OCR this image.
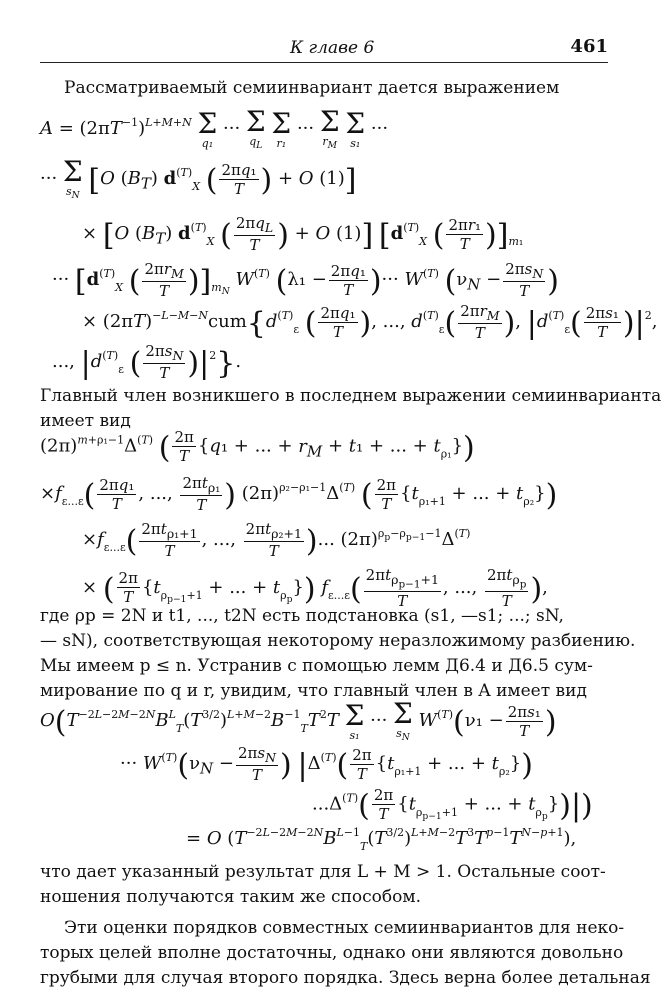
К главе 6	461
Рассматриваемый семиинвариант дается выражением
$A = (2\pi T^{-1})^{L+M+N}$ Σ
q₁
··· Σ
$q_L$

Σ
r₁
··· Σ
$r_M$

Σ
s₁
···
··· Σ
$s_N$ [O $(B_T)$ $d^{(T)}_X$ ( $\frac{\text{2πq₁}}{T}$ ) + O (1)]
× [O $(B_T)$ $d^{(T)}_X$ ( $\frac{2\pi q_L}{T}$ ) + O (1)] [$d^{(T)}_X$ ( $\frac{\text{2πr₁}}{T} )]_{m_1}$
··· [$d^{(T)}_X$ ( $\frac{2\pi r_M}{T} )]_{m_N}$ $W^{(T)}$ ($\lambda_1 - \frac{\text{2πq₁}}{T}$ )··· $W^{(T)}$ ($\nu_N - \frac{2\pi s_N}{T}$ )
× $(2\pi T)^{-L-M-N}cum\{d^{(T)}_\varepsilon$ ( $\frac{\text{2πq₁}}{T}$ ), ..., $d^{(T)}_\varepsilon( \frac{2\pi r_M}{T}$ ), $|d^{(T)}_\varepsilon( \frac{\text{2πs₁}}{T} )|^2$,
..., $|d^{(T)}_\varepsilon$ ( $\frac{2\pi s_N}{T} )|^2$}.
Главный член возникшего в последнем выражении семиинварианта
имеет вид
$(2\pi)^{m+\rho_1-1}\Delta^{(T)}$ ( $\frac{2\pi}{T} \{q_1$ + ... + $r_M + t_1$ + ... + $t_{\rho_1}$})
$\times f_{\varepsilon...\varepsilon}( \frac{\text{2πq₁}}{T}$ , ..., $\frac{2\pi t_{\rho_1}}{T}$ ) $(2\pi)^{\rho_2-\rho_1-1}\Delta^{(T)}$ ( $\frac{2\pi}{T} \{t_{\rho_1+1}$ + ... + $t_{\rho_2}$})
$\times f_{\varepsilon...\varepsilon}( \frac{2\pi t_{\rho_1+1}}{T}$ , ..., $\frac{2\pi t_{\rho_2+1}}{T}$ )... $(2\pi)^{\rho_p-\rho_{p-1}-1}\Delta^{(T)}$
× ( $\frac{2\pi}{T} \{t_{\rho_{p-1}+1}$ + ... + $t_{\rho_p}$}) $f_{\varepsilon...\varepsilon}( \frac{2\pi t_{\rho_{p-1}+1}}{T}$ , ..., $\frac{2\pi t_{\rho_p}}{T}$ ),
где ρp = 2N и t1, ..., t2N есть подстановка (s1, —s1; ...; sN,
— sN), соответствующая некоторому неразложимому разбиению.
Мы имеем p ≤ n. Устранив с помощью лемм Д6.4 и Д6.5 сум-
мирование по q и r, увидим, что главный член в A имеет вид
$O(T^{-2L-2M-2N}B^L_T(T^{3/2})^{L+M-2}B^{-1}_TT^2T$ Σ
s₁
··· Σ
$s_N$
$W^{(T)}(\nu_1 - \frac{\text{2πs₁}}{T}$ )
··· $W^{(T)}(\nu_N - \frac{2\pi s_N}{T}$ ) $|\Delta^{(T)}( \frac{2\pi}{T} \{t_{\rho_1+1}$ + ... + $t_{\rho_2}$})
$...\Delta^{(T)}( \frac{2\pi}{T} \{t_{\rho_{p-1}+1}$ + ... + $t_{\rho_p}\})|$)
= O $(T^{-2L-2M-2N}B^{L-1}_T(T^{3/2})^{L+M-2}T^3T^{p-1}T^{N-p+1})$,
что дает указанный результат для L + M > 1. Остальные соот-
ношения получаются таким же способом.
Эти оценки порядков совместных семиинвариантов для неко-
торых целей вполне достаточны, однако они являются довольно
грубыми для случая второго порядка. Здесь верна более детальная
